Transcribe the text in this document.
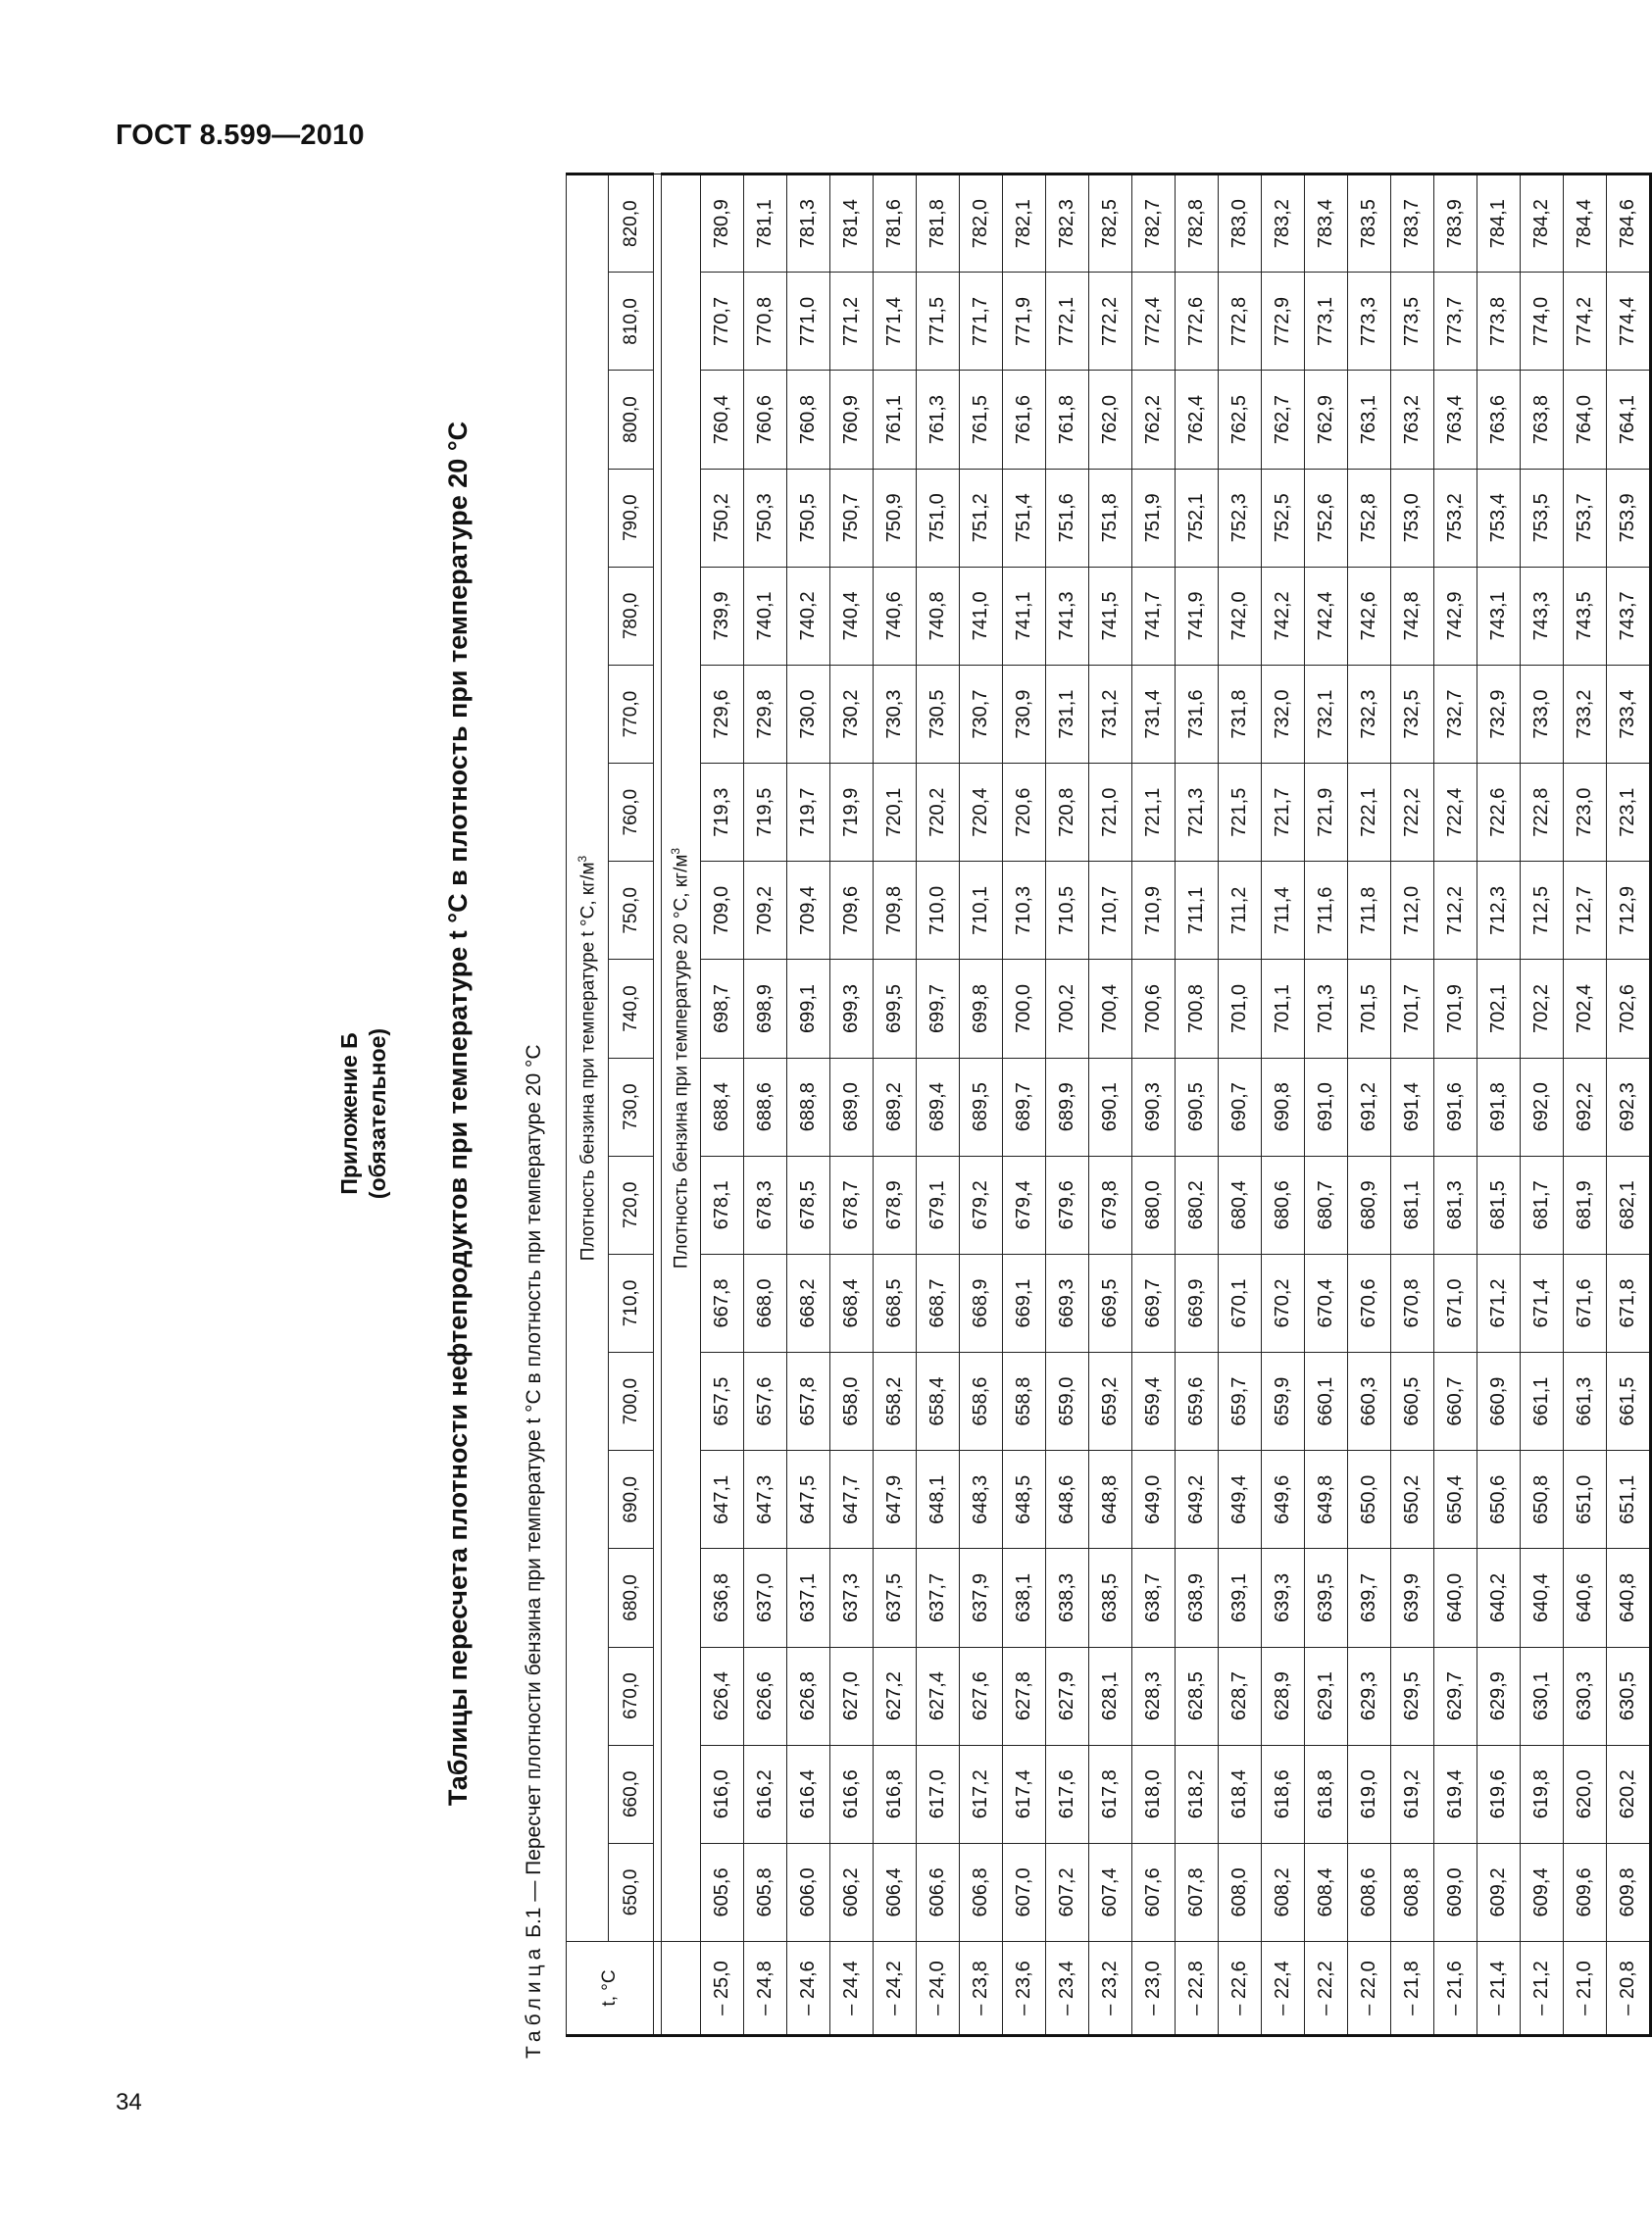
ГОСТ 8.599—2010
34
Приложение Б (обязательное) Таблицы пересчета плотности нефтепродуктов при температуре t °С в плотность при температуре 20 °С
Таблица Б.1 — Пересчет плотности бензина при температуре t °С в плотность при температуре 20 °С
t, °С	Плотность бензина при температуре t °С, $кг/м^3$
	650,0	660,0	670,0	680,0	690,0	700,0	710,0	720,0	730,0	740,0	750,0	760,0	770,0	780,0	790,0	800,0	810,0	820,0

	Плотность бензина при температуре 20 °С, $кг/м^3$
– 25,0	605,6	616,0	626,4	636,8	647,1	657,5	667,8	678,1	688,4	698,7	709,0	719,3	729,6	739,9	750,2	760,4	770,7	780,9
– 24,8	605,8	616,2	626,6	637,0	647,3	657,6	668,0	678,3	688,6	698,9	709,2	719,5	729,8	740,1	750,3	760,6	770,8	781,1
– 24,6	606,0	616,4	626,8	637,1	647,5	657,8	668,2	678,5	688,8	699,1	709,4	719,7	730,0	740,2	750,5	760,8	771,0	781,3
– 24,4	606,2	616,6	627,0	637,3	647,7	658,0	668,4	678,7	689,0	699,3	709,6	719,9	730,2	740,4	750,7	760,9	771,2	781,4
– 24,2	606,4	616,8	627,2	637,5	647,9	658,2	668,5	678,9	689,2	699,5	709,8	720,1	730,3	740,6	750,9	761,1	771,4	781,6
– 24,0	606,6	617,0	627,4	637,7	648,1	658,4	668,7	679,1	689,4	699,7	710,0	720,2	730,5	740,8	751,0	761,3	771,5	781,8
– 23,8	606,8	617,2	627,6	637,9	648,3	658,6	668,9	679,2	689,5	699,8	710,1	720,4	730,7	741,0	751,2	761,5	771,7	782,0
– 23,6	607,0	617,4	627,8	638,1	648,5	658,8	669,1	679,4	689,7	700,0	710,3	720,6	730,9	741,1	751,4	761,6	771,9	782,1
– 23,4	607,2	617,6	627,9	638,3	648,6	659,0	669,3	679,6	689,9	700,2	710,5	720,8	731,1	741,3	751,6	761,8	772,1	782,3
– 23,2	607,4	617,8	628,1	638,5	648,8	659,2	669,5	679,8	690,1	700,4	710,7	721,0	731,2	741,5	751,8	762,0	772,2	782,5
– 23,0	607,6	618,0	628,3	638,7	649,0	659,4	669,7	680,0	690,3	700,6	710,9	721,1	731,4	741,7	751,9	762,2	772,4	782,7
– 22,8	607,8	618,2	628,5	638,9	649,2	659,6	669,9	680,2	690,5	700,8	711,1	721,3	731,6	741,9	752,1	762,4	772,6	782,8
– 22,6	608,0	618,4	628,7	639,1	649,4	659,7	670,1	680,4	690,7	701,0	711,2	721,5	731,8	742,0	752,3	762,5	772,8	783,0
– 22,4	608,2	618,6	628,9	639,3	649,6	659,9	670,2	680,6	690,8	701,1	711,4	721,7	732,0	742,2	752,5	762,7	772,9	783,2
– 22,2	608,4	618,8	629,1	639,5	649,8	660,1	670,4	680,7	691,0	701,3	711,6	721,9	732,1	742,4	752,6	762,9	773,1	783,4
– 22,0	608,6	619,0	629,3	639,7	650,0	660,3	670,6	680,9	691,2	701,5	711,8	722,1	732,3	742,6	752,8	763,1	773,3	783,5
– 21,8	608,8	619,2	629,5	639,9	650,2	660,5	670,8	681,1	691,4	701,7	712,0	722,2	732,5	742,8	753,0	763,2	773,5	783,7
– 21,6	609,0	619,4	629,7	640,0	650,4	660,7	671,0	681,3	691,6	701,9	712,2	722,4	732,7	742,9	753,2	763,4	773,7	783,9
– 21,4	609,2	619,6	629,9	640,2	650,6	660,9	671,2	681,5	691,8	702,1	712,3	722,6	732,9	743,1	753,4	763,6	773,8	784,1
– 21,2	609,4	619,8	630,1	640,4	650,8	661,1	671,4	681,7	692,0	702,2	712,5	722,8	733,0	743,3	753,5	763,8	774,0	784,2
– 21,0	609,6	620,0	630,3	640,6	651,0	661,3	671,6	681,9	692,2	702,4	712,7	723,0	733,2	743,5	753,7	764,0	774,2	784,4
– 20,8	609,8	620,2	630,5	640,8	651,1	661,5	671,8	682,1	692,3	702,6	712,9	723,1	733,4	743,7	753,9	764,1	774,4	784,6
